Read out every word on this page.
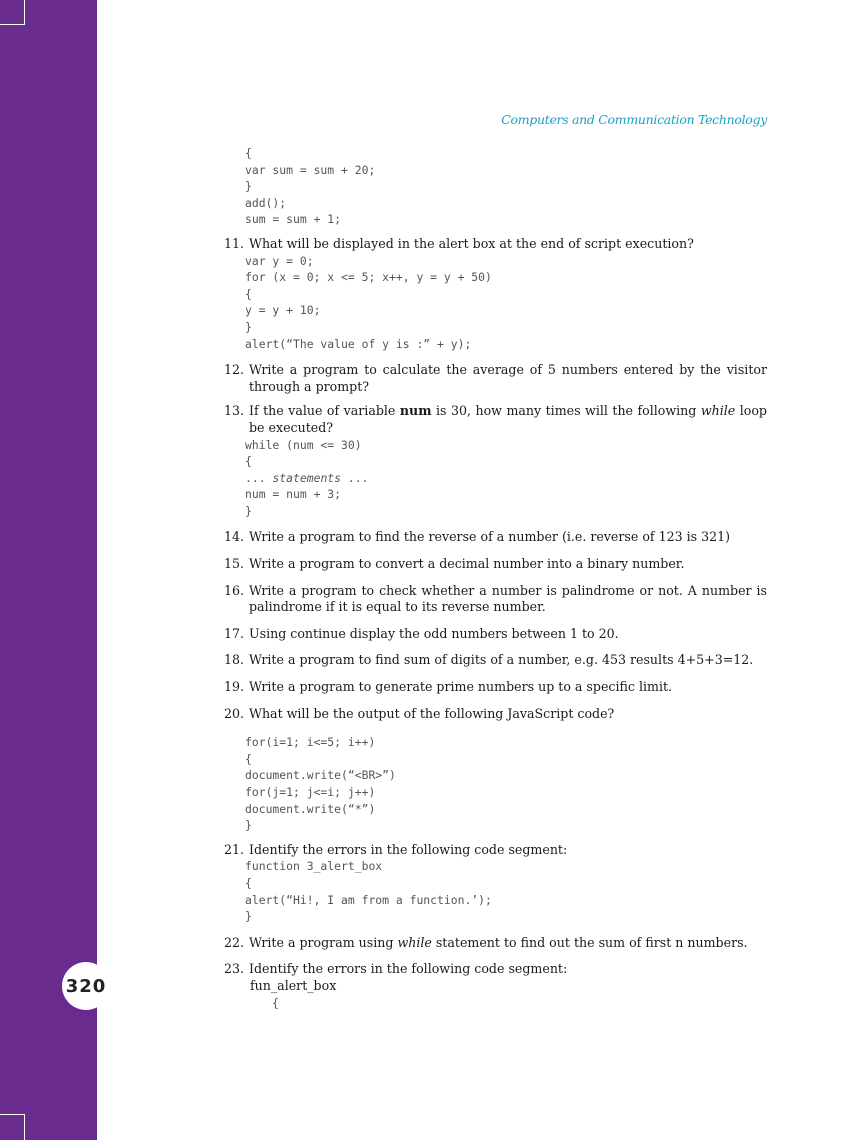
320
Computers and Communication Technology
{
var sum = sum + 20;
}
add();
sum = sum + 1;
11. What will be displayed in the alert box at the end of script execution?
var y = 0;
for (x = 0; x <= 5; x++, y = y + 50)
{
y = y + 10;
}
alert(“The value of y is :” + y);
12. Write a program to calculate the average of 5 numbers entered by the visitor through a prompt?
13. If the value of variable num is 30, how many times will the following while loop be executed?
while (num <= 30)
{
... statements ...
num = num + 3;
}
14. Write a program to find the reverse of a number (i.e. reverse of 123 is 321)
15. Write a program to convert a decimal number into a binary number.
16. Write a program to check whether a number is palindrome or not. A number is palindrome if it is equal to its reverse number.
17. Using continue display the odd numbers between 1 to 20.
18. Write a program to find sum of digits of a number, e.g. 453 results 4+5+3=12.
19. Write a program to generate prime numbers up to a specific limit.
20. What will be the output of the following JavaScript code?
for(i=1; i<=5; i++)
{
document.write(“<BR>”)
for(j=1; j<=i; j++)
document.write(“*”)
}
21. Identify the errors in the following code segment:
function 3_alert_box
{
alert(“Hi!, I am from a function.’);
}
22. Write a program using while statement to find out the sum of first n numbers.
23. Identify the errors in the following code segment:
fun_alert_box
{
